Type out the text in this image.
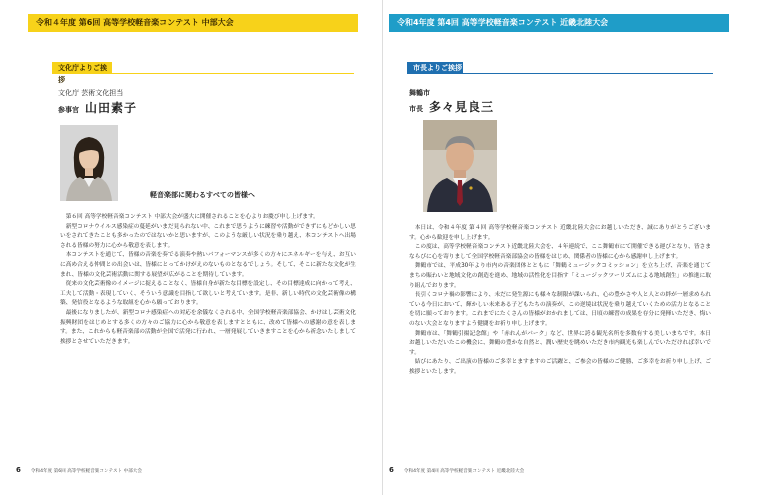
令和４年度 第6回 高等学校軽音楽コンテスト 中部大会
文化庁よりご挨拶
文化庁 芸術文化担当
参事官 山田素子
軽音楽部に関わるすべての皆様へ

第６回 高等学校軽音楽コンテスト 中部大会が盛大に開催されることを心よりお慶び申し上げます。

新型コロナウイルス感染症の蔓延がいまだ見られない中、これまで思うように練習や活動ができずにもどかしい思いをされてきたことも多かったのではないかと思いますが、このような厳しい状況を乗り越え、本コンテストへ出場される皆様の努力に心から敬意を表します。

本コンテストを通じて、皆様の音楽を奏でる演奏や熱いパフォーマンスが多くの方々にエネルギーを与え、お互いに高め合える仲間との出会いは、皆様にとってかけがえのないものとなるでしょう。そして、そこに新たな文化が生まれ、皆様の文化芸術活動に関する展望が広がることを期待しています。

従来の文化芸術像のイメージに捉えることなく、皆様自身が新たな目標を設定し、その目標達成に向かって考え、工夫して活動・表現していく、そういう意識を目指して欲しいと考えています。是非、新しい時代の文化芸術像の構築、発信役となるような取組を心から願っております。

最後になりましたが、新型コロナ感染症への対応を余儀なくされる中、全国学校軽音楽部協会、かけはし芸術文化振興財団をはじめとする多くの方々のご協力に心から敬意を表しますとともに、改めて皆様への感謝の意を表します。また、これからも軽音楽部の活動が全国で活発に行われ、一層発展していきますことを心から祈念いたしまして挨拶とさせていただきます。

6 令和4年度 第6回 高等学校軽音楽コンテスト 中部大会
令和4年度 第4回 高等学校軽音楽コンテスト 近畿北陸大会
市長よりご挨拶
舞鶴市
市長 多々見良三

本日は、令和４年度 第４回 高等学校軽音楽コンテスト 近畿北陸大会にお越しいただき、誠にありがとうございます。心から歓迎を申し上げます。

この度は、高等学校軽音楽コンテスト近畿北陸大会を、４年連続で、ここ舞鶴市にて開催できる運びとなり、皆さまならびに心を寄りまして全国学校軽音楽部協会の皆様をはじめ、関係者の皆様に心から感謝申し上げます。

舞鶴市では、平成30年より市内の音楽団体とともに「舞鶴ミュージックコミッション」を立ち上げ、音楽を通じてまちの賑わいと地域文化の創造を進め、地域の活性化を目指す「ミュージックツーリズムによる地域創生」の推進に取り組んでおります。

長引くコロナ禍の影響により、未だに発生源にも様々な制限が課いられ、心の豊かさや人と人との絆が一層求められている今日において、輝かしい未来ある子どもたちの演奏が、この逆境は状況を乗り越えていくための活力となることを切に願っております。これまでにたくさんの皆様がおかれましては、日頃の練習の成果を存分に発揮いただき、悔いのない大会となりますよう健闘をお祈り申し上げます。

舞鶴市は、「舞鶴引揚記念館」や「赤れんがパーク」など、世界に誇る観光名所を多数有する美しいまちです。本日お越しいただいたこの機会に、舞鶴の豊かな自然と、潤い歴史を眺めいただき市内観光も楽しんでいただければ幸いです。

結びにあたり、ご出演の皆様のご多幸とますますのご活躍と、ご参会の皆様のご健勝、ご多幸をお祈り申し上げ、ご挨拶といたします。

6 令和4年度 第4回 高等学校軽音楽コンテスト 近畿北陸大会
